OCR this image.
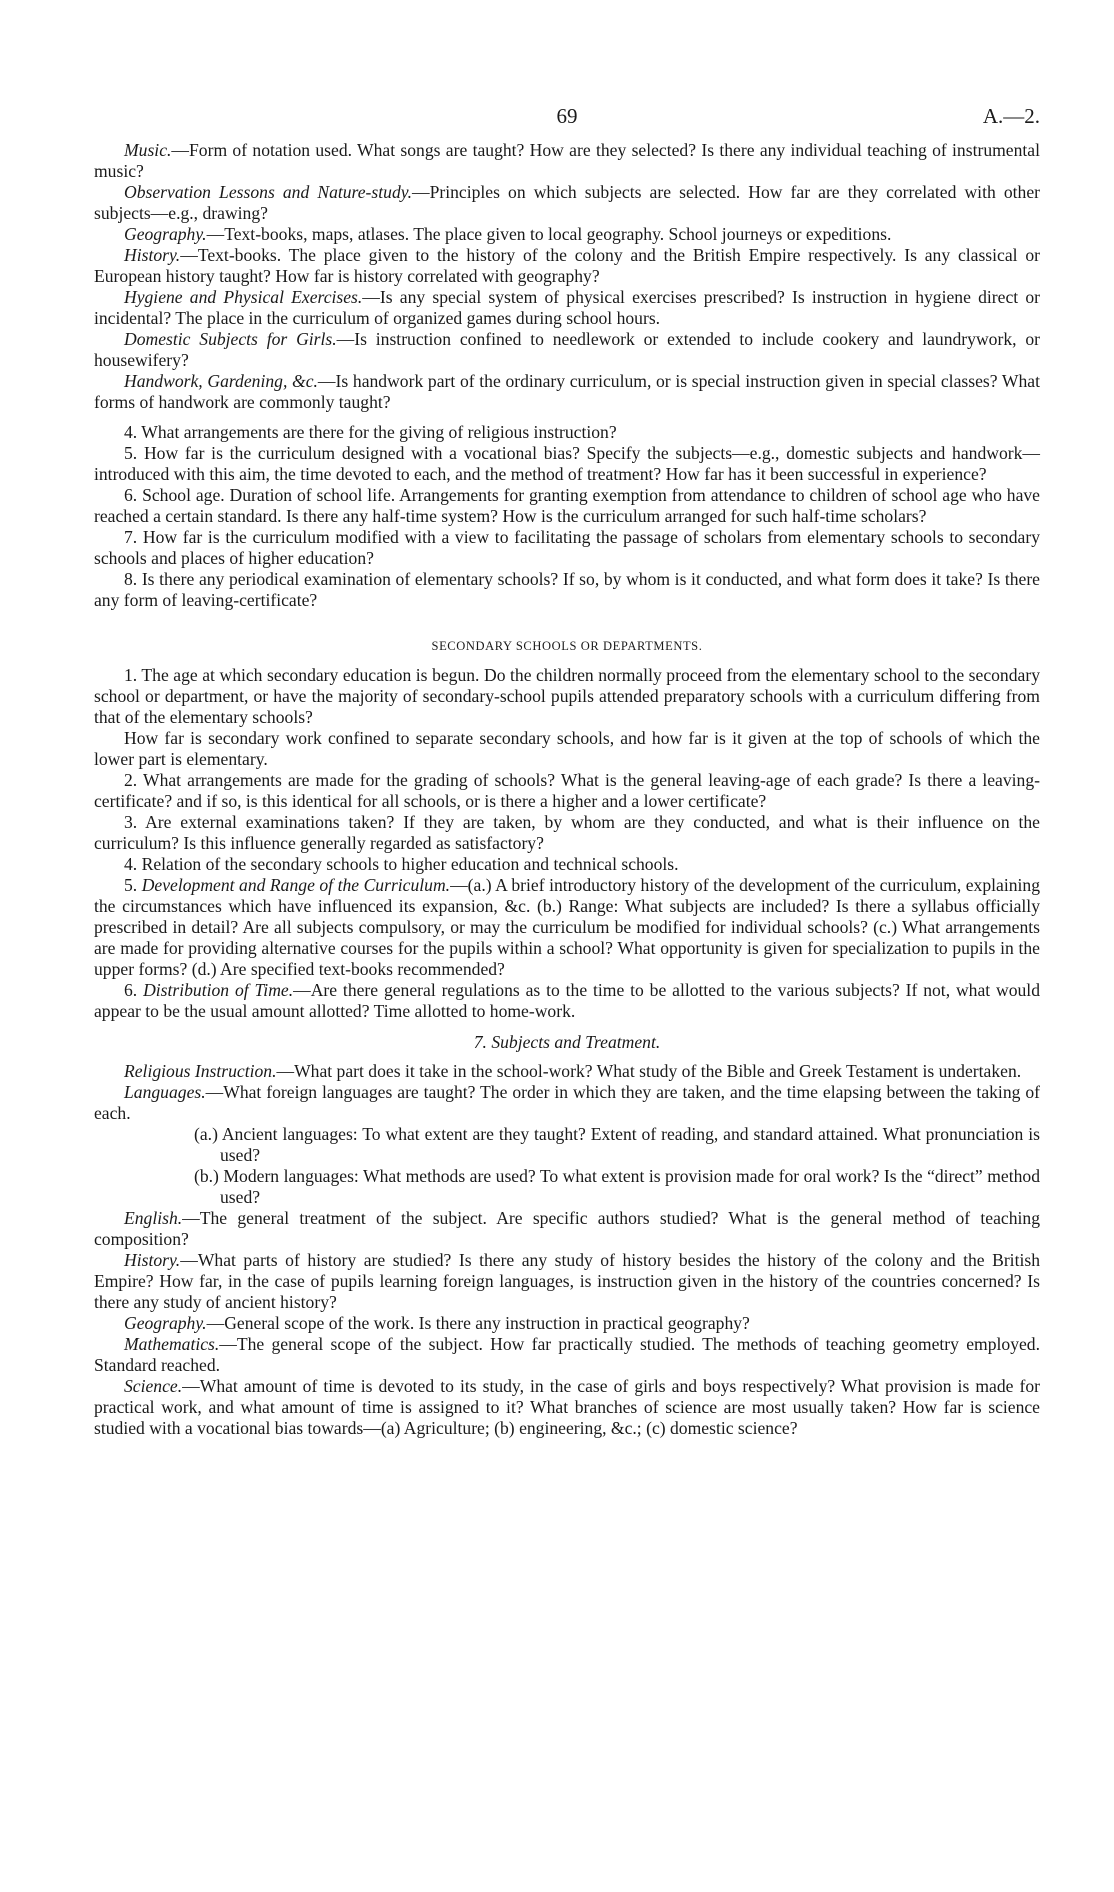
69	A.—2.

Music.—Form of notation used. What songs are taught? How are they selected? Is there any individual teaching of instrumental music?

Observation Lessons and Nature-study.—Principles on which subjects are selected. How far are they correlated with other subjects—e.g., drawing?

Geography.—Text-books, maps, atlases. The place given to local geography. School journeys or expeditions.

History.—Text-books. The place given to the history of the colony and the British Empire respectively. Is any classical or European history taught? How far is history correlated with geography?

Hygiene and Physical Exercises.—Is any special system of physical exercises prescribed? Is instruction in hygiene direct or incidental? The place in the curriculum of organized games during school hours.

Domestic Subjects for Girls.—Is instruction confined to needlework or extended to include cookery and laundrywork, or housewifery?

Handwork, Gardening, &c.—Is handwork part of the ordinary curriculum, or is special instruction given in special classes? What forms of handwork are commonly taught?

4. What arrangements are there for the giving of religious instruction?

5. How far is the curriculum designed with a vocational bias? Specify the subjects—e.g., domestic subjects and handwork—introduced with this aim, the time devoted to each, and the method of treatment? How far has it been successful in experience?

6. School age. Duration of school life. Arrangements for granting exemption from attendance to children of school age who have reached a certain standard. Is there any half-time system? How is the curriculum arranged for such half-time scholars?

7. How far is the curriculum modified with a view to facilitating the passage of scholars from elementary schools to secondary schools and places of higher education?

8. Is there any periodical examination of elementary schools? If so, by whom is it conducted, and what form does it take? Is there any form of leaving-certificate?

SECONDARY SCHOOLS OR DEPARTMENTS.

1. The age at which secondary education is begun. Do the children normally proceed from the elementary school to the secondary school or department, or have the majority of secondary-school pupils attended preparatory schools with a curriculum differing from that of the elementary schools?

How far is secondary work confined to separate secondary schools, and how far is it given at the top of schools of which the lower part is elementary.

2. What arrangements are made for the grading of schools? What is the general leaving-age of each grade? Is there a leaving-certificate? and if so, is this identical for all schools, or is there a higher and a lower certificate?

3. Are external examinations taken? If they are taken, by whom are they conducted, and what is their influence on the curriculum? Is this influence generally regarded as satisfactory?

4. Relation of the secondary schools to higher education and technical schools.

5. Development and Range of the Curriculum.—(a.) A brief introductory history of the development of the curriculum, explaining the circumstances which have influenced its expansion, &c. (b.) Range: What subjects are included? Is there a syllabus officially prescribed in detail? Are all subjects compulsory, or may the curriculum be modified for individual schools? (c.) What arrangements are made for providing alternative courses for the pupils within a school? What opportunity is given for specialization to pupils in the upper forms? (d.) Are specified text-books recommended?

6. Distribution of Time.—Are there general regulations as to the time to be allotted to the various subjects? If not, what would appear to be the usual amount allotted? Time allotted to home-work.

7. Subjects and Treatment.

Religious Instruction.—What part does it take in the school-work? What study of the Bible and Greek Testament is undertaken.

Languages.—What foreign languages are taught? The order in which they are taken, and the time elapsing between the taking of each.

(a.) Ancient languages: To what extent are they taught? Extent of reading, and standard attained. What pronunciation is used?

(b.) Modern languages: What methods are used? To what extent is provision made for oral work? Is the “direct” method used?

English.—The general treatment of the subject. Are specific authors studied? What is the general method of teaching composition?

History.—What parts of history are studied? Is there any study of history besides the history of the colony and the British Empire? How far, in the case of pupils learning foreign languages, is instruction given in the history of the countries concerned? Is there any study of ancient history?

Geography.—General scope of the work. Is there any instruction in practical geography?

Mathematics.—The general scope of the subject. How far practically studied. The methods of teaching geometry employed. Standard reached.

Science.—What amount of time is devoted to its study, in the case of girls and boys respectively? What provision is made for practical work, and what amount of time is assigned to it? What branches of science are most usually taken? How far is science studied with a vocational bias towards—(a) Agriculture; (b) engineering, &c.; (c) domestic science?
